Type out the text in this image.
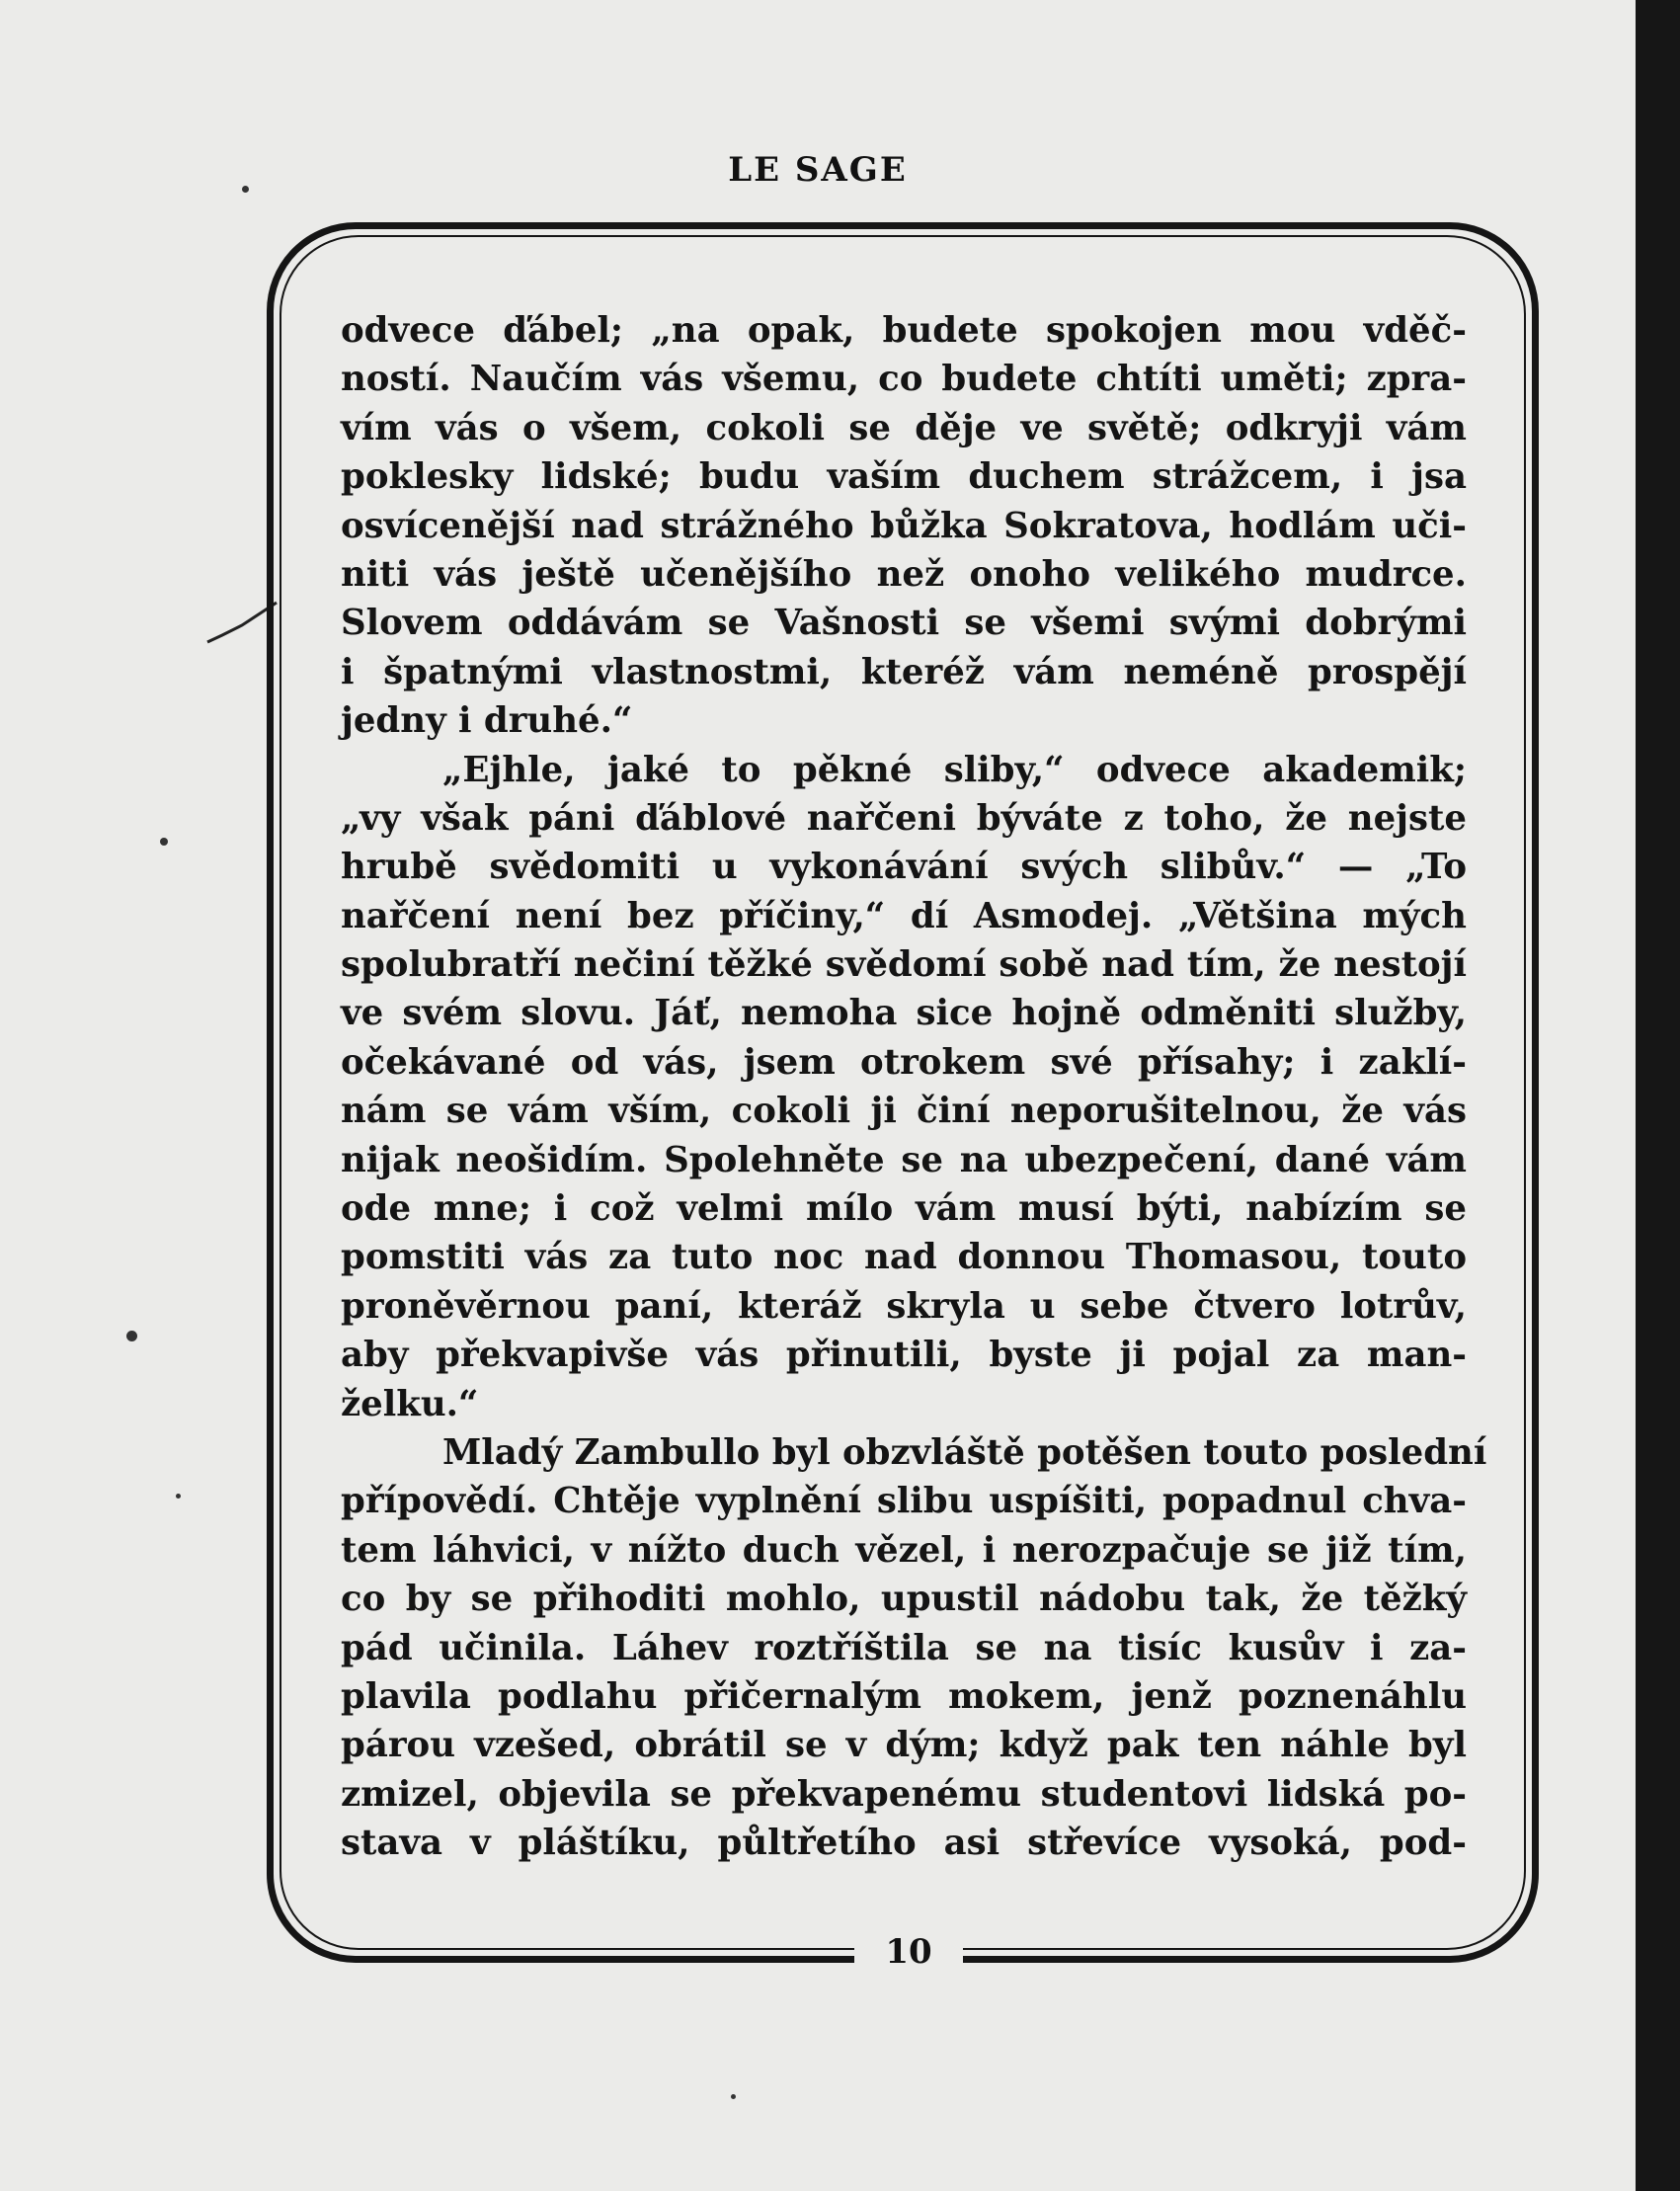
LE SAGE
10
odvece ďábel; „na opak, budete spokojen mou vděč-
ností. Naučím vás všemu, co budete chtíti uměti; zpra-
vím vás o všem, cokoli se děje ve světě; odkryji vám
poklesky lidské; budu vaším duchem strážcem, i jsa
osvícenější nad strážného bůžka Sokratova, hodlám uči-
niti vás ještě učenějšího než onoho velikého mudrce.
Slovem oddávám se Vašnosti se všemi svými dobrými
i špatnými vlastnostmi, kteréž vám neméně prospějí
jedny i druhé.“
„Ejhle, jaké to pěkné sliby,“ odvece akademik;
„vy však páni ďáblové nařčeni býváte z toho, že nejste
hrubě svědomiti u vykonávání svých slibův.“ — „To
nařčení není bez příčiny,“ dí Asmodej. „Většina mých
spolubratří nečiní těžké svědomí sobě nad tím, že nestojí
ve svém slovu. Jáť, nemoha sice hojně odměniti služby,
očekávané od vás, jsem otrokem své přísahy; i zaklí-
nám se vám vším, cokoli ji činí neporušitelnou, že vás
nijak neošidím. Spolehněte se na ubezpečení, dané vám
ode mne; i což velmi mílo vám musí býti, nabízím se
pomstiti vás za tuto noc nad donnou Thomasou, touto
proněvěrnou paní, kteráž skryla u sebe čtvero lotrův,
aby překvapivše vás přinutili, byste ji pojal za man-
želku.“
Mladý Zambullo byl obzvláště potěšen touto poslední
přípovědí. Chtěje vyplnění slibu uspíšiti, popadnul chva-
tem láhvici, v nížto duch vězel, i nerozpačuje se již tím,
co by se přihoditi mohlo, upustil nádobu tak, že těžký
pád učinila. Láhev roztříštila se na tisíc kusův i za-
plavila podlahu přičernalým mokem, jenž poznenáhlu
párou vzešed, obrátil se v dým; když pak ten náhle byl
zmizel, objevila se překvapenému studentovi lidská po-
stava v pláštíku, půltřetího asi střevíce vysoká, pod-
